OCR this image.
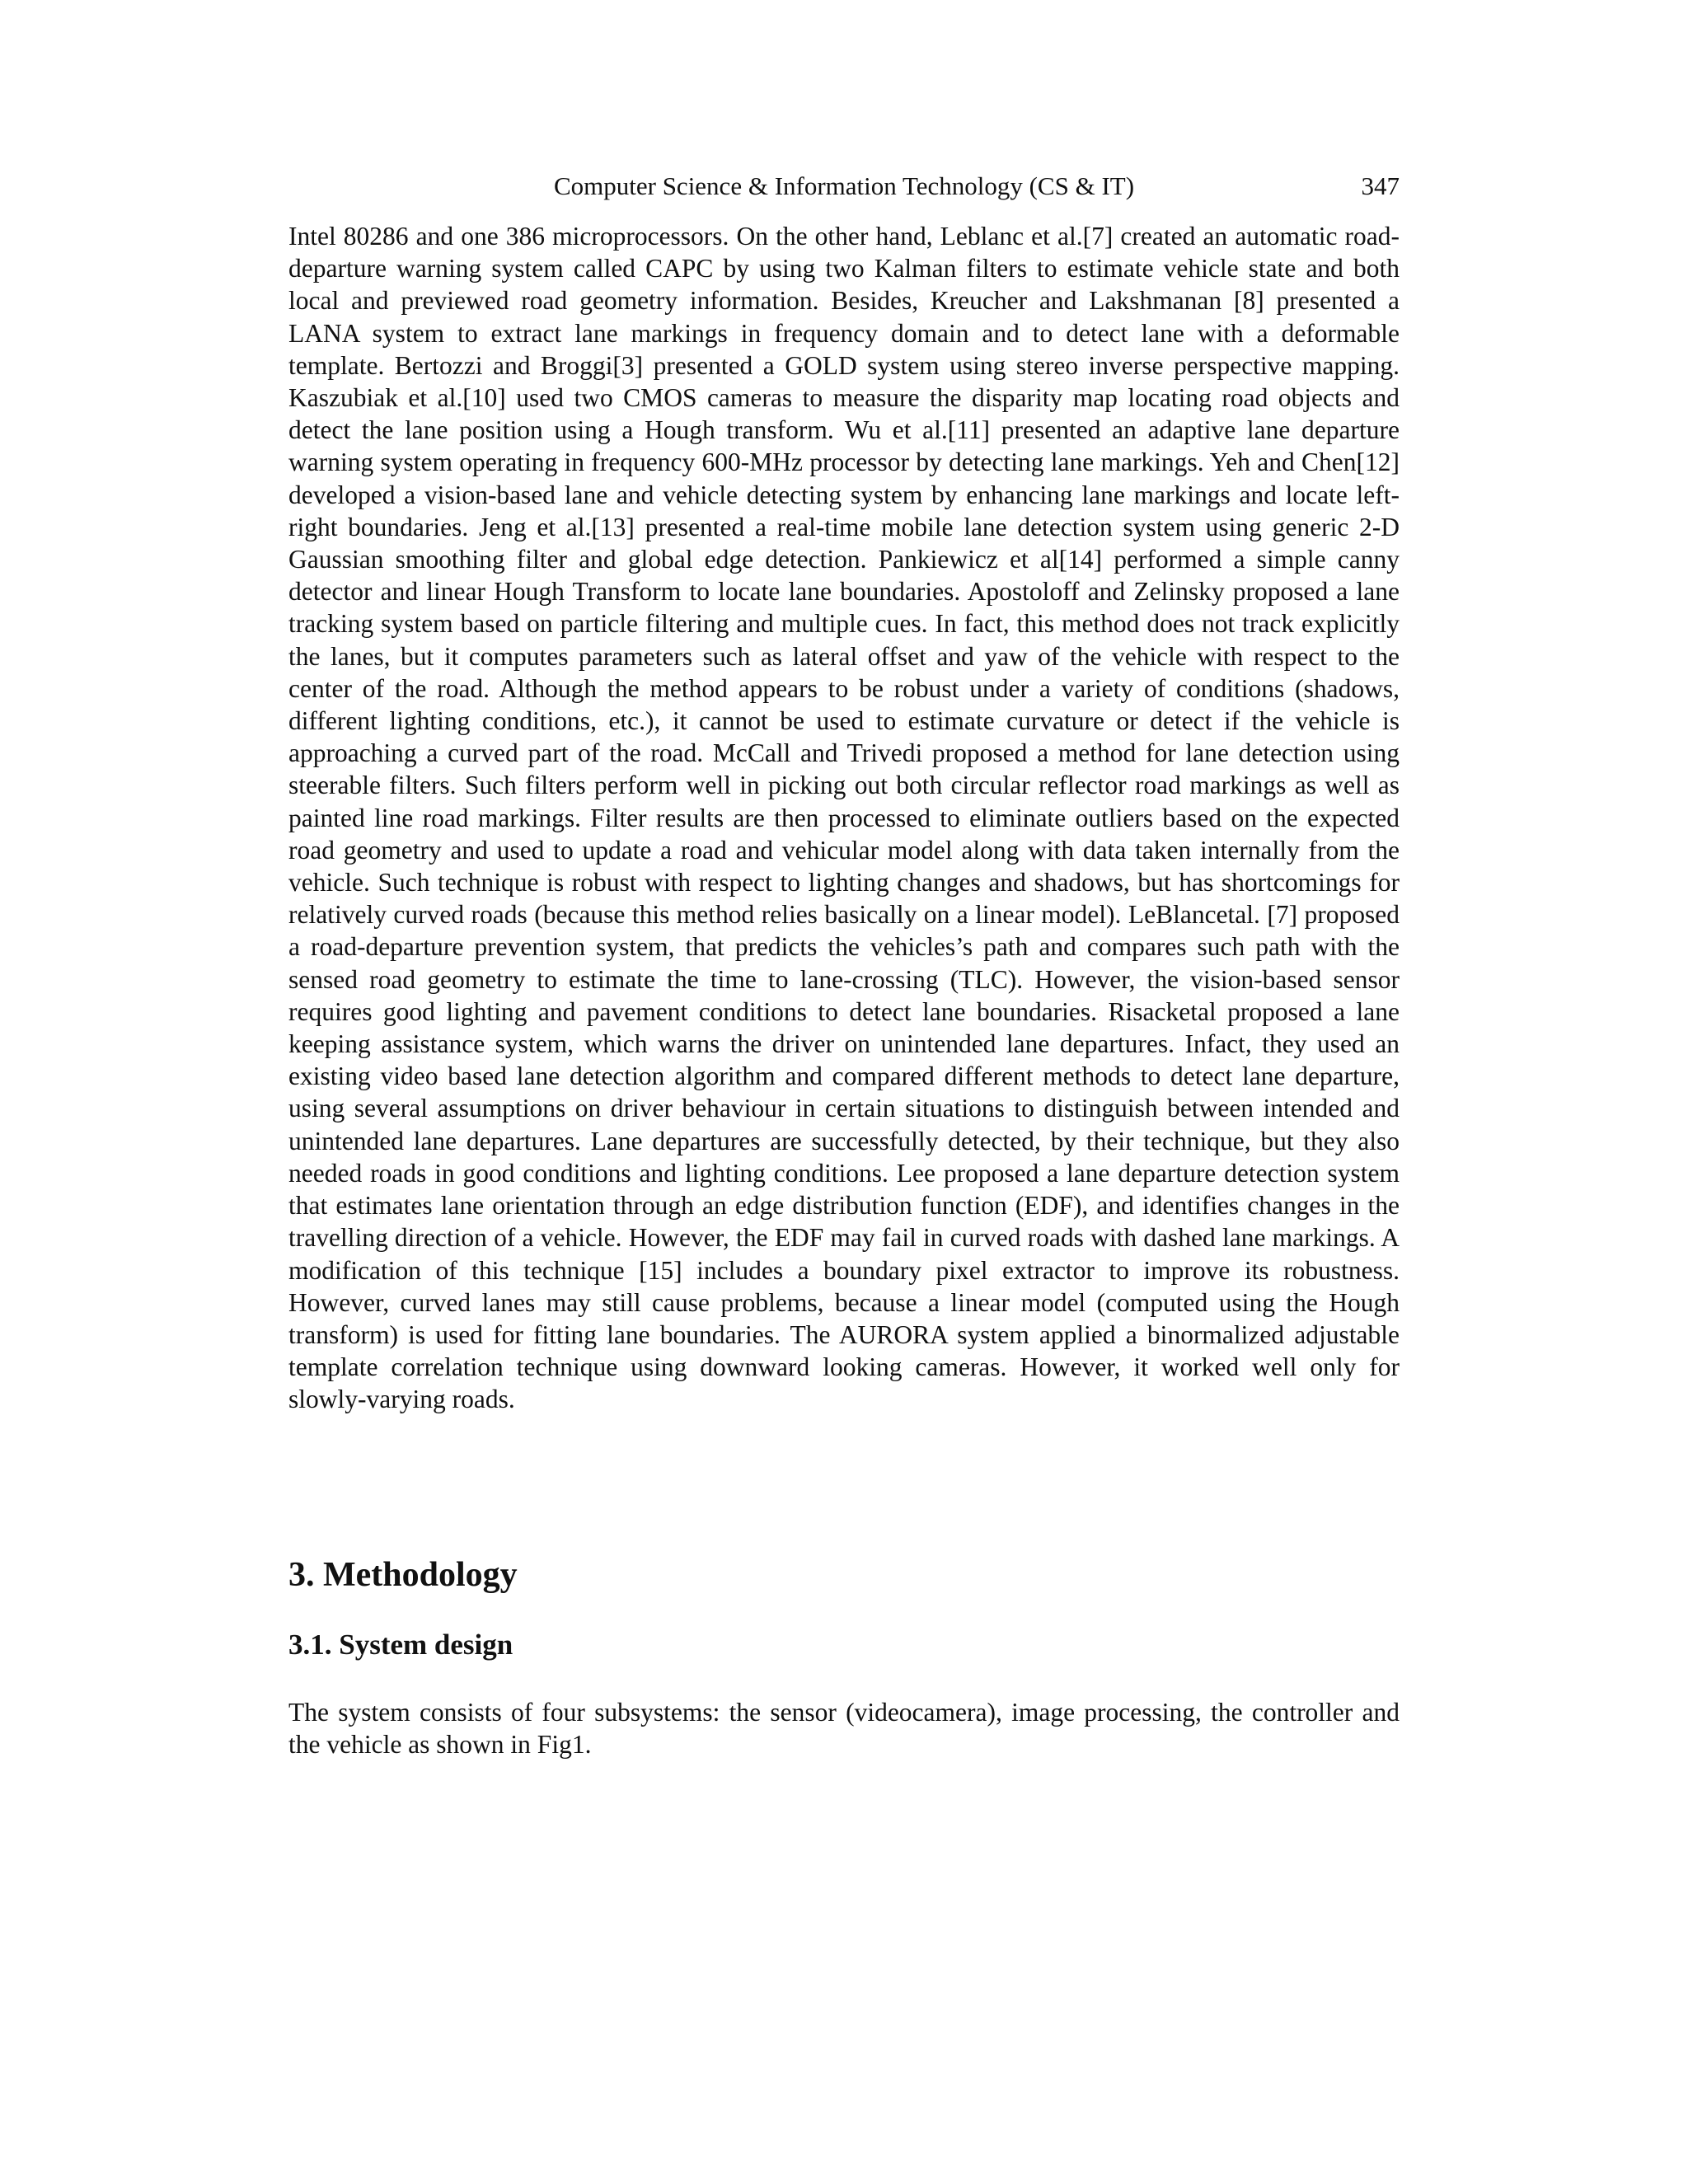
Computer Science & Information Technology (CS & IT)	347

Intel 80286 and one 386 microprocessors. On the other hand, Leblanc et al.[7] created an automatic road-departure warning system called CAPC by using two Kalman filters to estimate vehicle state and both local and previewed road geometry information. Besides, Kreucher and Lakshmanan [8] presented a LANA system to extract lane markings in frequency domain and to detect lane with a deformable template. Bertozzi and Broggi[3] presented a GOLD system using stereo inverse perspective mapping. Kaszubiak et al.[10] used two CMOS cameras to measure the disparity map locating road objects and detect the lane position using a Hough transform. Wu et al.[11] presented an adaptive lane departure warning system operating in frequency 600-MHz processor by detecting lane markings. Yeh and Chen[12] developed a vision-based lane and vehicle detecting system by enhancing lane markings and locate left-right boundaries. Jeng et al.[13] presented a real-time mobile lane detection system using generic 2-D Gaussian smoothing filter and global edge detection. Pankiewicz et al[14] performed a simple canny detector and linear Hough Transform to locate lane boundaries. Apostoloff and Zelinsky proposed a lane tracking system based on particle filtering and multiple cues. In fact, this method does not track explicitly the lanes, but it computes parameters such as lateral offset and yaw of the vehicle with respect to the center of the road. Although the method appears to be robust under a variety of conditions (shadows, different lighting conditions, etc.), it cannot be used to estimate curvature or detect if the vehicle is approaching a curved part of the road. McCall and Trivedi proposed a method for lane detection using steerable filters. Such filters perform well in picking out both circular reflector road markings as well as painted line road markings. Filter results are then processed to eliminate outliers based on the expected road geometry and used to update a road and vehicular model along with data taken internally from the vehicle. Such technique is robust with respect to lighting changes and shadows, but has shortcomings for relatively curved roads (because this method relies basically on a linear model). LeBlancetal. [7] proposed a road-departure prevention system, that predicts the vehicles’s path and compares such path with the sensed road geometry to estimate the time to lane-crossing (TLC). However, the vision-based sensor requires good lighting and pavement conditions to detect lane boundaries. Risacketal proposed a lane keeping assistance system, which warns the driver on unintended lane departures. Infact, they used an existing video based lane detection algorithm and compared different methods to detect lane departure, using several assumptions on driver behaviour in certain situations to distinguish between intended and unintended lane departures. Lane departures are successfully detected, by their technique, but they also needed roads in good conditions and lighting conditions. Lee proposed a lane departure detection system that estimates lane orientation through an edge distribution function (EDF), and identifies changes in the travelling direction of a vehicle. However, the EDF may fail in curved roads with dashed lane markings. A modification of this technique [15] includes a boundary pixel extractor to improve its robustness. However, curved lanes may still cause problems, because a linear model (computed using the Hough transform) is used for fitting lane boundaries. The AURORA system applied a binormalized adjustable template correlation technique using downward looking cameras. However, it worked well only for slowly-varying roads.

3. Methodology
3.1. System design

The system consists of four subsystems: the sensor (videocamera), image processing, the controller and the vehicle as shown in Fig1.
